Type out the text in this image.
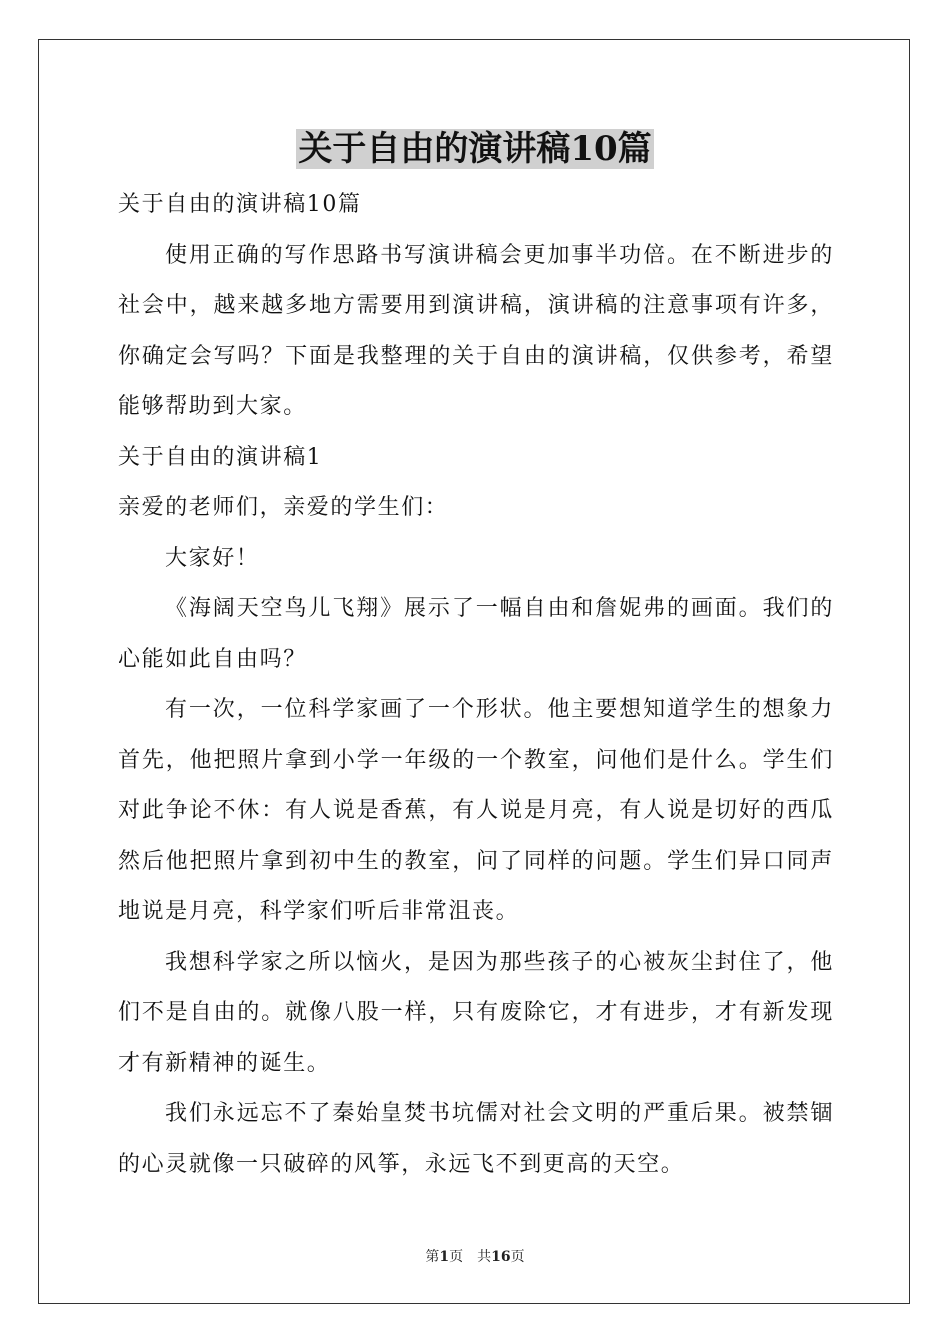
关于自由的演讲稿10篇

关于自由的演讲稿10篇

使用正确的写作思路书写演讲稿会更加事半功倍。在不断进步的社会中，越来越多地方需要用到演讲稿，演讲稿的注意事项有许多，你确定会写吗？下面是我整理的关于自由的演讲稿，仅供参考，希望能够帮助到大家。

关于自由的演讲稿1

亲爱的老师们，亲爱的学生们：

大家好！

《海阔天空鸟儿飞翔》展示了一幅自由和詹妮弗的画面。我们的心能如此自由吗？

有一次，一位科学家画了一个形状。他主要想知道学生的想象力首先，他把照片拿到小学一年级的一个教室，问他们是什么。学生们对此争论不休：有人说是香蕉，有人说是月亮，有人说是切好的西瓜然后他把照片拿到初中生的教室，问了同样的问题。学生们异口同声地说是月亮，科学家们听后非常沮丧。

我想科学家之所以恼火，是因为那些孩子的心被灰尘封住了，他们不是自由的。就像八股一样，只有废除它，才有进步，才有新发现才有新精神的诞生。

我们永远忘不了秦始皇焚书坑儒对社会文明的严重后果。被禁锢的心灵就像一只破碎的风筝，永远飞不到更高的天空。

第1页 共16页
